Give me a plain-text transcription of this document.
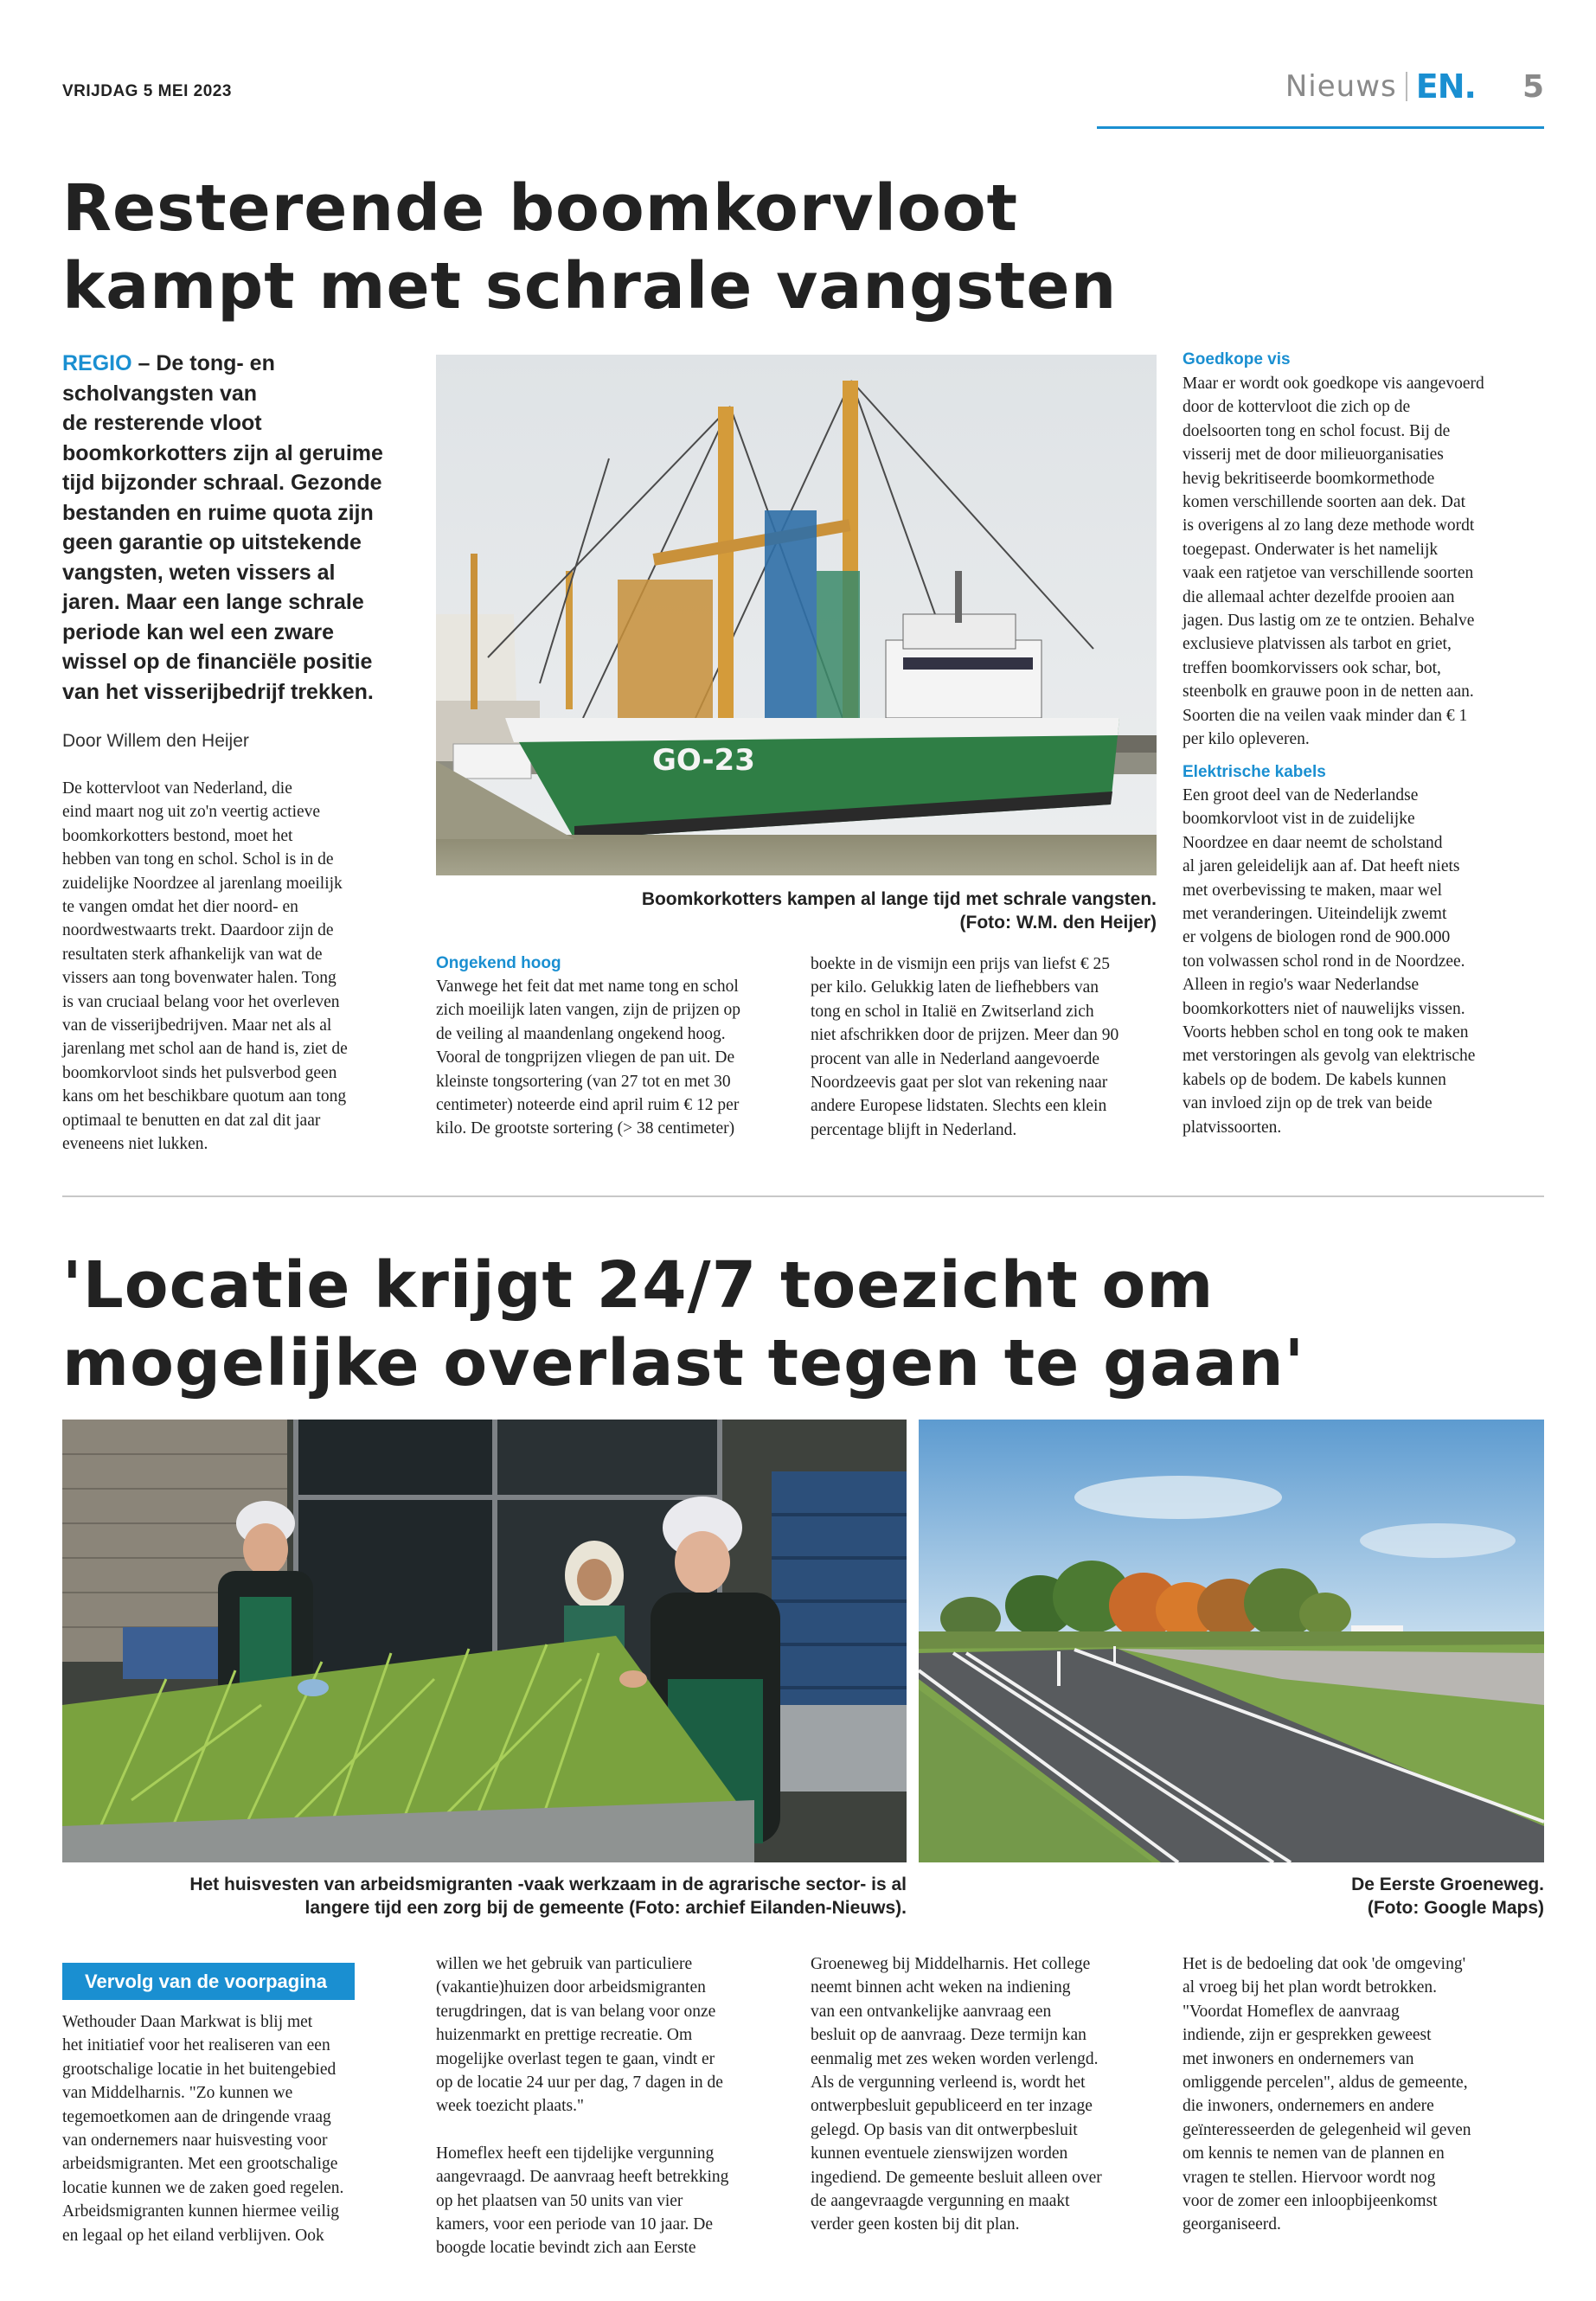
VRIJDAG 5 MEI 2023	Nieuws EN. 5
Resterende boomkorvloot
kampt met schrale vangsten
REGIO – De tong- en
scholvangsten van
de resterende vloot
boomkorkotters zijn al geruime
tijd bijzonder schraal. Gezonde
bestanden en ruime quota zijn
geen garantie op uitstekende
vangsten, weten vissers al
jaren. Maar een lange schrale
periode kan wel een zware
wissel op de financiële positie
van het visserijbedrijf trekken.
Door Willem den Heijer
De kottervloot van Nederland, die
eind maart nog uit zo'n veertig actieve
boomkorkotters bestond, moet het
hebben van tong en schol. Schol is in de
zuidelijke Noordzee al jarenlang moeilijk
te vangen omdat het dier noord- en
noordwestwaarts trekt. Daardoor zijn de
resultaten sterk afhankelijk van wat de
vissers aan tong bovenwater halen. Tong
is van cruciaal belang voor het overleven
van de visserijbedrijven. Maar net als al
jarenlang met schol aan de hand is, ziet de
boomkorvloot sinds het pulsverbod geen
kans om het beschikbare quotum aan tong
optimaal te benutten en dat zal dit jaar
eveneens niet lukken.
GO-23
Boomkorkotters kampen al lange tijd met schrale vangsten.
(Foto: W.M. den Heijer)
Ongekend hoog
Vanwege het feit dat met name tong en schol
zich moeilijk laten vangen, zijn de prijzen op
de veiling al maandenlang ongekend hoog.
Vooral de tongprijzen vliegen de pan uit. De
kleinste tongsortering (van 27 tot en met 30
centimeter) noteerde eind april ruim € 12 per
kilo. De grootste sortering (> 38 centimeter)
boekte in de vismijn een prijs van liefst € 25
per kilo. Gelukkig laten de liefhebbers van
tong en schol in Italië en Zwitserland zich
niet afschrikken door de prijzen. Meer dan 90
procent van alle in Nederland aangevoerde
Noordzeevis gaat per slot van rekening naar
andere Europese lidstaten. Slechts een klein
percentage blijft in Nederland.
Goedkope vis
Maar er wordt ook goedkope vis aangevoerd
door de kottervloot die zich op de
doelsoorten tong en schol focust. Bij de
visserij met de door milieuorganisaties
hevig bekritiseerde boomkormethode
komen verschillende soorten aan dek. Dat
is overigens al zo lang deze methode wordt
toegepast. Onderwater is het namelijk
vaak een ratjetoe van verschillende soorten
die allemaal achter dezelfde prooien aan
jagen. Dus lastig om ze te ontzien. Behalve
exclusieve platvissen als tarbot en griet,
treffen boomkorvissers ook schar, bot,
steenbolk en grauwe poon in de netten aan.
Soorten die na veilen vaak minder dan € 1
per kilo opleveren.
Elektrische kabels
Een groot deel van de Nederlandse
boomkorvloot vist in de zuidelijke
Noordzee en daar neemt de scholstand
al jaren geleidelijk aan af. Dat heeft niets
met overbevissing te maken, maar wel
met veranderingen. Uiteindelijk zwemt
er volgens de biologen rond de 900.000
ton volwassen schol rond in de Noordzee.
Alleen in regio's waar Nederlandse
boomkorkotters niet of nauwelijks vissen.
Voorts hebben schol en tong ook te maken
met verstoringen als gevolg van elektrische
kabels op de bodem. De kabels kunnen
van invloed zijn op de trek van beide
platvissoorten.
'Locatie krijgt 24/7 toezicht om
mogelijke overlast tegen te gaan'
Het huisvesten van arbeidsmigranten -vaak werkzaam in de agrarische sector- is al
langere tijd een zorg bij de gemeente (Foto: archief Eilanden-Nieuws).
De Eerste Groeneweg.
(Foto: Google Maps)
Vervolg van de voorpagina
Wethouder Daan Markwat is blij met
het initiatief voor het realiseren van een
grootschalige locatie in het buitengebied
van Middelharnis. "Zo kunnen we
tegemoetkomen aan de dringende vraag
van ondernemers naar huisvesting voor
arbeidsmigranten. Met een grootschalige
locatie kunnen we de zaken goed regelen.
Arbeidsmigranten kunnen hiermee veilig
en legaal op het eiland verblijven. Ook
willen we het gebruik van particuliere
(vakantie)huizen door arbeidsmigranten
terugdringen, dat is van belang voor onze
huizenmarkt en prettige recreatie. Om
mogelijke overlast tegen te gaan, vindt er
op de locatie 24 uur per dag, 7 dagen in de
week toezicht plaats."
Homeflex heeft een tijdelijke vergunning
aangevraagd. De aanvraag heeft betrekking
op het plaatsen van 50 units van vier
kamers, voor een periode van 10 jaar. De
boogde locatie bevindt zich aan Eerste
Groeneweg bij Middelharnis. Het college
neemt binnen acht weken na indiening
van een ontvankelijke aanvraag een
besluit op de aanvraag. Deze termijn kan
eenmalig met zes weken worden verlengd.
Als de vergunning verleend is, wordt het
ontwerpbesluit gepubliceerd en ter inzage
gelegd. Op basis van dit ontwerpbesluit
kunnen eventuele zienswijzen worden
ingediend. De gemeente besluit alleen over
de aangevraagde vergunning en maakt
verder geen kosten bij dit plan.
Het is de bedoeling dat ook 'de omgeving'
al vroeg bij het plan wordt betrokken.
"Voordat Homeflex de aanvraag
indiende, zijn er gesprekken geweest
met inwoners en ondernemers van
omliggende percelen", aldus de gemeente,
die inwoners, ondernemers en andere
geïnteresseerden de gelegenheid wil geven
om kennis te nemen van de plannen en
vragen te stellen. Hiervoor wordt nog
voor de zomer een inloopbijeenkomst
georganiseerd.
